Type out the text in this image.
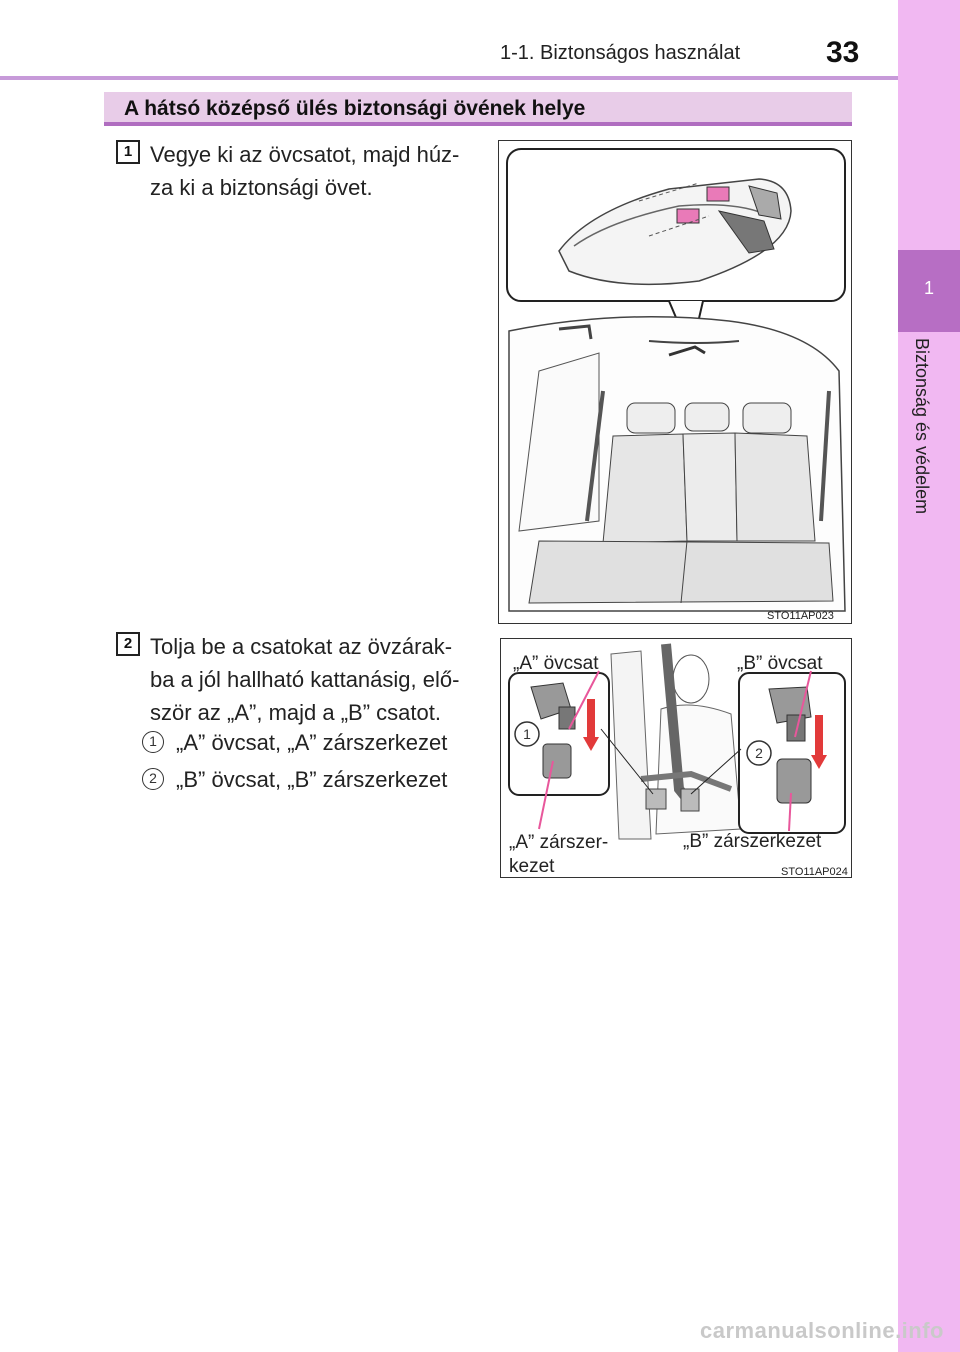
1-1. Biztonságos használat	33
1
Biztonság és védelem
A hátsó középső ülés biztonsági övének helye
1 Vegye ki az övcsatot, majd húz-
za ki a biztonsági övet.
2 Tolja be a csatokat az övzárak-
ba a jól hallható kattanásig, elő-
ször az „A”, majd a „B” csatot.
1 „A” övcsat, „A” zárszerkezet
2 „B” övcsat, „B” zárszerkezet
STO11AP023
1
2
STO11AP024
„A” övcsat	„B” övcsat
„A” zárszer-
kezet
„B” zárszerkezet
carmanualsonline.info
